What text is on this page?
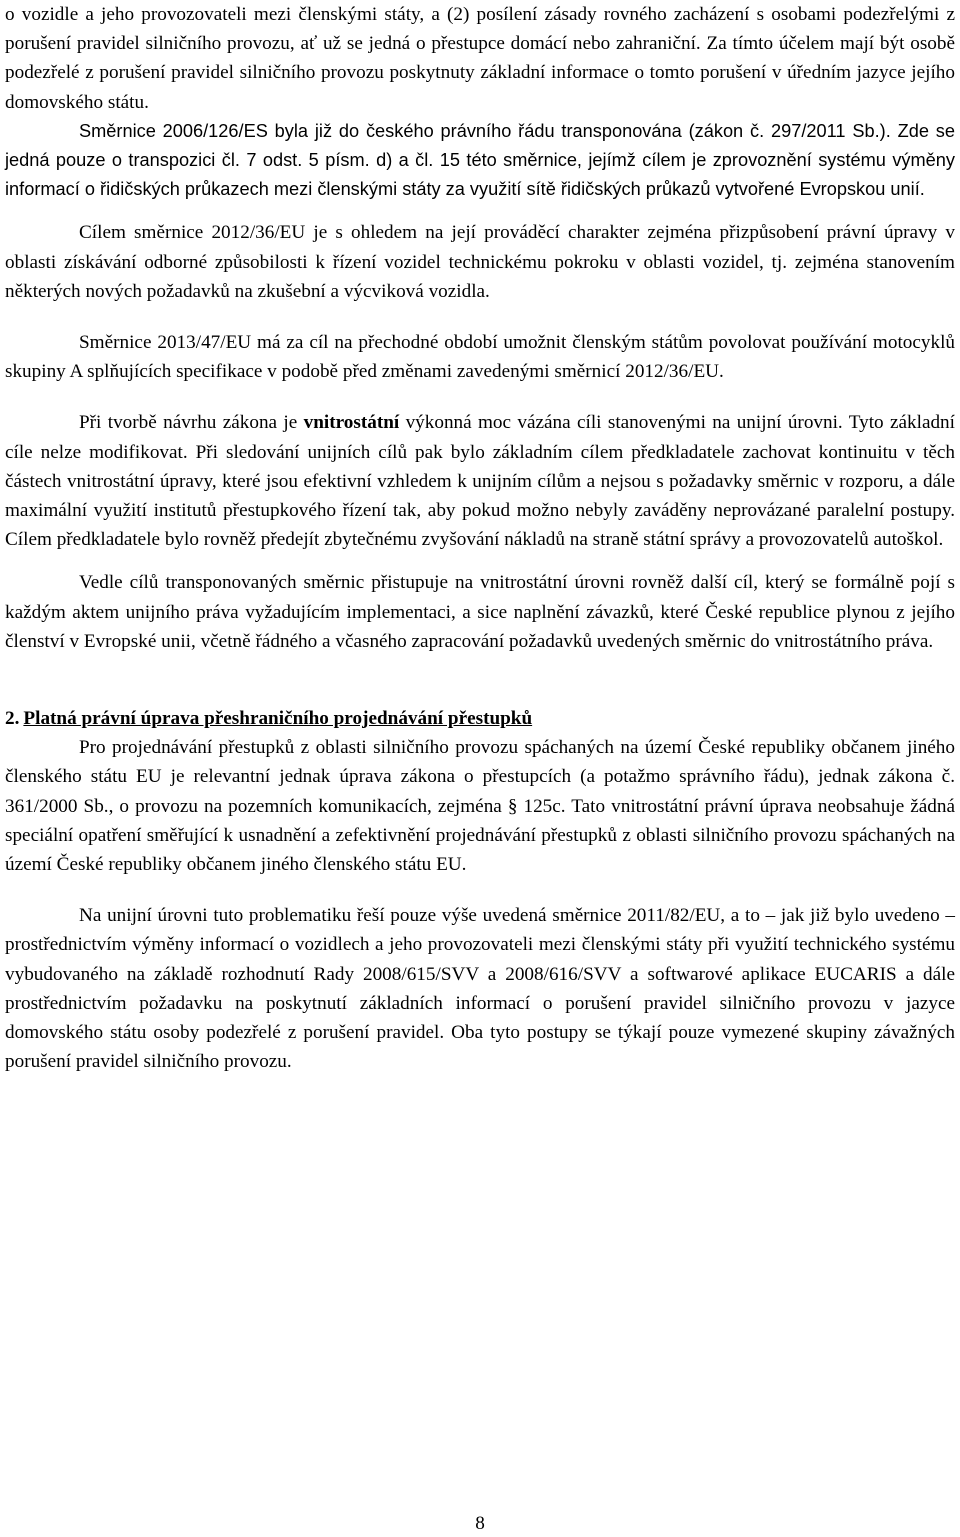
o vozidle a jeho provozovateli mezi členskými státy, a (2) posílení zásady rovného zacházení s osobami podezřelými z porušení pravidel silničního provozu, ať už se jedná o přestupce domácí nebo zahraniční. Za tímto účelem mají být osobě podezřelé z porušení pravidel silničního provozu poskytnuty základní informace o tomto porušení v úředním jazyce jejího domovského státu.

Směrnice 2006/126/ES byla již do českého právního řádu transponována (zákon č. 297/2011 Sb.). Zde se jedná pouze o transpozici čl. 7 odst. 5 písm. d) a čl. 15 této směrnice, jejímž cílem je zprovoznění systému výměny informací o řidičských průkazech mezi členskými státy za využití sítě řidičských průkazů vytvořené Evropskou unií.

Cílem směrnice 2012/36/EU je s ohledem na její prováděcí charakter zejména přizpůsobení právní úpravy v oblasti získávání odborné způsobilosti k řízení vozidel technickému pokroku v oblasti vozidel, tj. zejména stanovením některých nových požadavků na zkušební a výcviková vozidla.

Směrnice 2013/47/EU má za cíl na přechodné období umožnit členským státům povolovat používání motocyklů skupiny A splňujících specifikace v podobě před změnami zavedenými směrnicí 2012/36/EU.

Při tvorbě návrhu zákona je vnitrostátní výkonná moc vázána cíli stanovenými na unijní úrovni. Tyto základní cíle nelze modifikovat. Při sledování unijních cílů pak bylo základním cílem předkladatele zachovat kontinuitu v těch částech vnitrostátní úpravy, které jsou efektivní vzhledem k unijním cílům a nejsou s požadavky směrnic v rozporu, a dále maximální využití institutů přestupkového řízení tak, aby pokud možno nebyly zaváděny neprovázané paralelní postupy. Cílem předkladatele bylo rovněž předejít zbytečnému zvyšování nákladů na straně státní správy a provozovatelů autoškol.

Vedle cílů transponovaných směrnic přistupuje na vnitrostátní úrovni rovněž další cíl, který se formálně pojí s každým aktem unijního práva vyžadujícím implementaci, a sice naplnění závazků, které České republice plynou z jejího členství v Evropské unii, včetně řádného a včasného zapracování požadavků uvedených směrnic do vnitrostátního práva.

2. Platná právní úprava přeshraničního projednávání přestupků

Pro projednávání přestupků z oblasti silničního provozu spáchaných na území České republiky občanem jiného členského státu EU je relevantní jednak úprava zákona o přestupcích (a potažmo správního řádu), jednak zákona č. 361/2000 Sb., o provozu na pozemních komunikacích, zejména § 125c. Tato vnitrostátní právní úprava neobsahuje žádná speciální opatření směřující k usnadnění a zefektivnění projednávání přestupků z oblasti silničního provozu spáchaných na území České republiky občanem jiného členského státu EU.

Na unijní úrovni tuto problematiku řeší pouze výše uvedená směrnice 2011/82/EU, a to – jak již bylo uvedeno – prostřednictvím výměny informací o vozidlech a jeho provozovateli mezi členskými státy při využití technického systému vybudovaného na základě rozhodnutí Rady 2008/615/SVV a 2008/616/SVV a softwarové aplikace EUCARIS a dále prostřednictvím požadavku na poskytnutí základních informací o porušení pravidel silničního provozu v jazyce domovského státu osoby podezřelé z porušení pravidel. Oba tyto postupy se týkají pouze vymezené skupiny závažných porušení pravidel silničního provozu.

8
